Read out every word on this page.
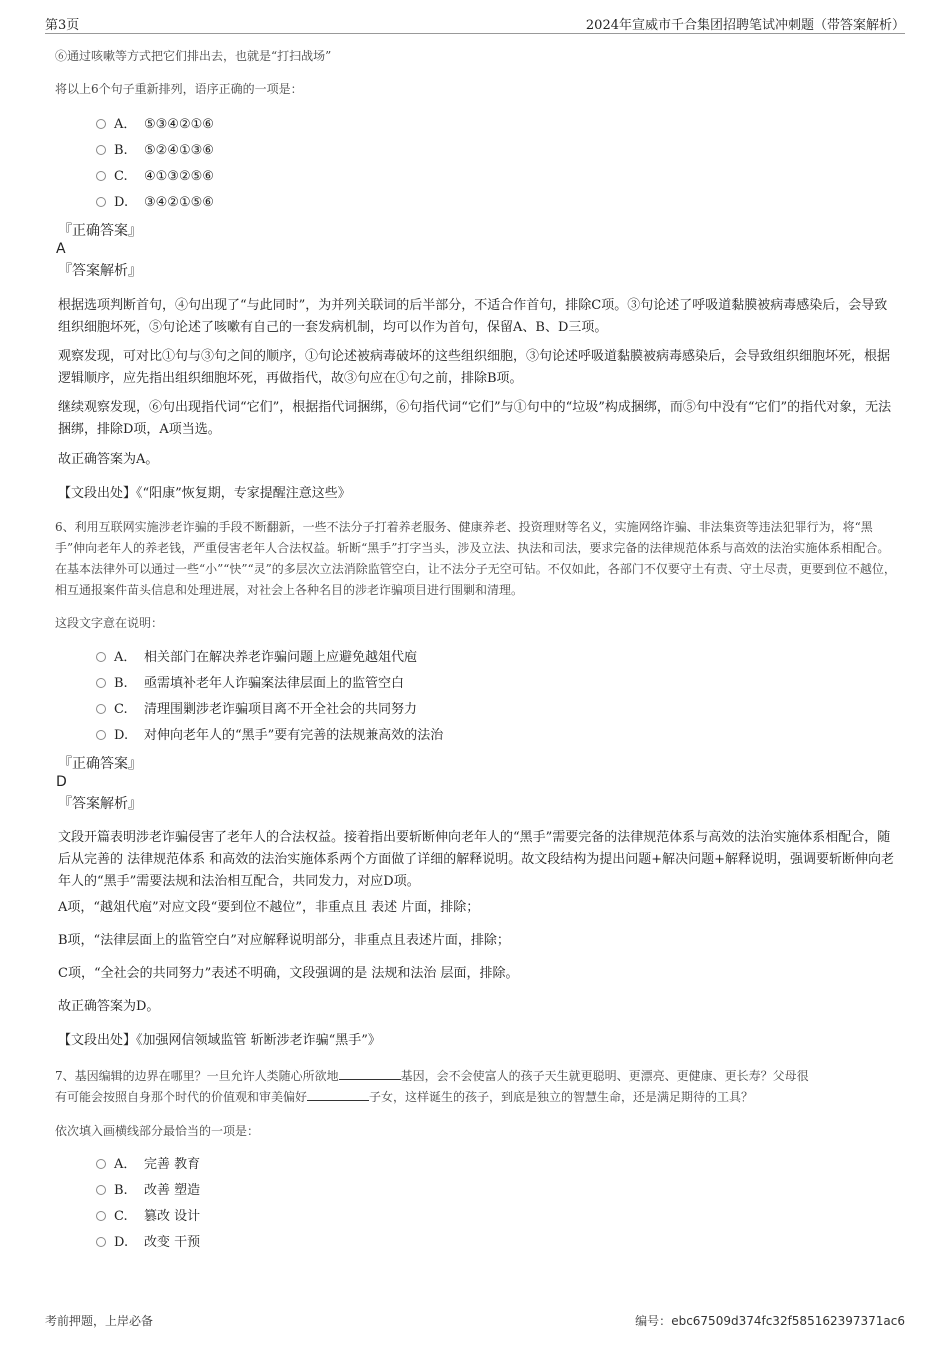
第3页	2024年宣威市千合集团招聘笔试冲刺题（带答案解析）
⑥通过咳嗽等方式把它们排出去，也就是“打扫战场”
将以上6个句子重新排列，语序正确的一项是：
A． ⑤③④②①⑥
B. ⑤②④①③⑥
C. ④①③②⑤⑥
D. ③④②①⑤⑥
『正确答案』
A
『答案解析』
根据选项判断首句，④句出现了“与此同时”，为并列关联词的后半部分，不适合作首句，排除C项。③句论述了呼吸道黏膜被病毒感染后，会导致组织细胞坏死，⑤句论述了咳嗽有自己的一套发病机制，均可以作为首句，保留A、B、D三项。
观察发现，可对比①句与③句之间的顺序，①句论述被病毒破坏的这些组织细胞，③句论述呼吸道黏膜被病毒感染后，会导致组织细胞坏死，根据逻辑顺序，应先指出组织细胞坏死，再做指代，故③句应在①句之前，排除B项。
继续观察发现，⑥句出现指代词“它们”，根据指代词捆绑，⑥句指代词“它们”与①句中的“垃圾”构成捆绑，而⑤句中没有“它们”的指代对象，无法捆绑，排除D项，A项当选。
故正确答案为A。
【文段出处】《“阳康”恢复期，专家提醒注意这些》
6、利用互联网实施涉老诈骗的手段不断翻新，一些不法分子打着养老服务、健康养老、投资理财等名义，实施网络诈骗、非法集资等违法犯罪行为，将“黑手”伸向老年人的养老钱，严重侵害老年人合法权益。斩断“黑手”打字当头，涉及立法、执法和司法，要求完备的法律规范体系与高效的法治实施体系相配合。在基本法律外可以通过一些“小”“快”“灵”的多层次立法消除监管空白，让不法分子无空可钻。不仅如此，各部门不仅要守土有责、守土尽责，更要到位不越位，相互通报案件苗头信息和处理进展，对社会上各种名目的涉老诈骗项目进行围剿和清理。
这段文字意在说明：
A． 相关部门在解决养老诈骗问题上应避免越俎代庖
B. 亟需填补老年人诈骗案法律层面上的监管空白
C. 清理围剿涉老诈骗项目离不开全社会的共同努力
D. 对伸向老年人的“黑手”要有完善的法规兼高效的法治
『正确答案』
D
『答案解析』
文段开篇表明涉老诈骗侵害了老年人的合法权益。接着指出要斩断伸向老年人的“黑手”需要完备的法律规范体系与高效的法治实施体系相配合，随后从完善的 法律规范体系 和高效的法治实施体系两个方面做了详细的解释说明。故文段结构为提出问题+解决问题+解释说明，强调要斩断伸向老年人的“黑手”需要法规和法治相互配合，共同发力，对应D项。
A项，“越俎代庖”对应文段“要到位不越位”，非重点且 表述 片面，排除；
B项，“法律层面上的监管空白”对应解释说明部分，非重点且表述片面，排除；
C项，“全社会的共同努力”表述不明确，文段强调的是 法规和法治 层面，排除。
故正确答案为D。
【文段出处】《加强网信领域监管 斩断涉老诈骗“黑手”》
7、基因编辑的边界在哪里？一旦允许人类随心所欲地	基因，会不会使富人的孩子天生就更聪明、更漂亮、更健康、更长寿？父母很
有可能会按照自身那个时代的价值观和审美偏好	子女，这样诞生的孩子，到底是独立的智慧生命，还是满足期待的工具？
依次填入画横线部分最恰当的一项是：
A． 完善 教育
B. 改善 塑造
C. 篡改 设计
D. 改变 干预
考前押题，上岸必备	编号：ebc67509d374fc32f585162397371ac6
